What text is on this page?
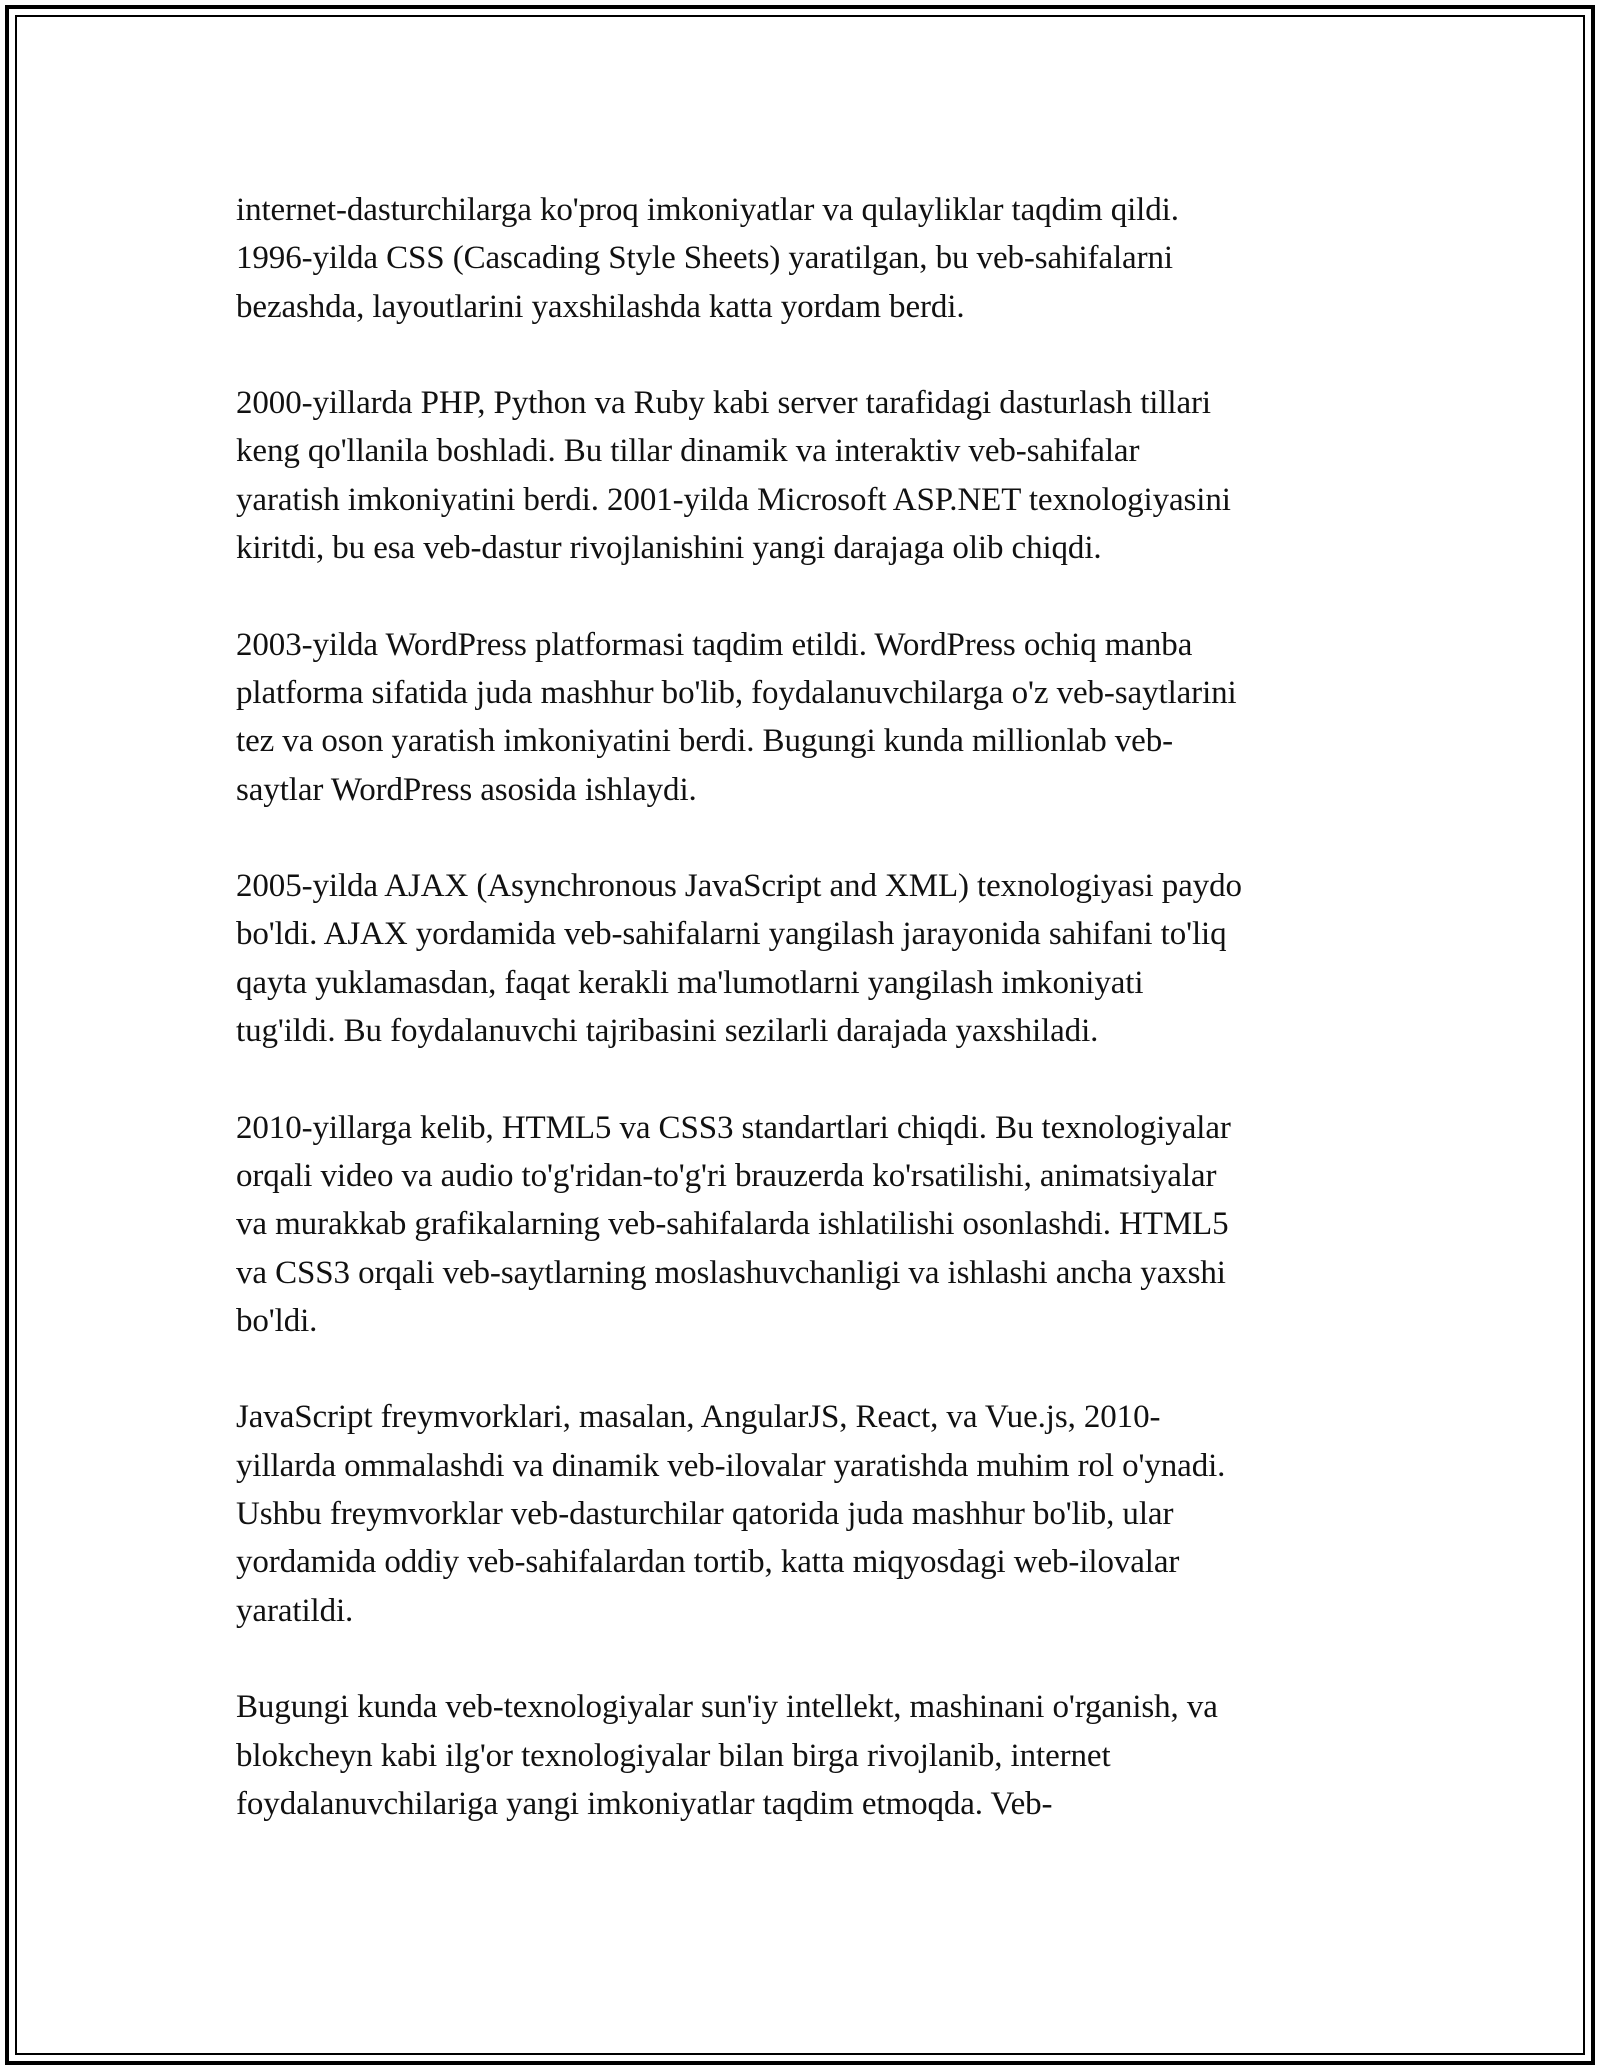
internet-dasturchilarga ko'proq imkoniyatlar va qulayliklar taqdim qildi.
1996-yilda CSS (Cascading Style Sheets) yaratilgan, bu veb-sahifalarni
bezashda, layoutlarini yaxshilashda katta yordam berdi.

2000-yillarda PHP, Python va Ruby kabi server tarafidagi dasturlash tillari
keng qo'llanila boshladi. Bu tillar dinamik va interaktiv veb-sahifalar
yaratish imkoniyatini berdi. 2001-yilda Microsoft ASP.NET texnologiyasini
kiritdi, bu esa veb-dastur rivojlanishini yangi darajaga olib chiqdi.

2003-yilda WordPress platformasi taqdim etildi. WordPress ochiq manba
platforma sifatida juda mashhur bo'lib, foydalanuvchilarga o'z veb-saytlarini
tez va oson yaratish imkoniyatini berdi. Bugungi kunda millionlab veb-
saytlar WordPress asosida ishlaydi.

2005-yilda AJAX (Asynchronous JavaScript and XML) texnologiyasi paydo
bo'ldi. AJAX yordamida veb-sahifalarni yangilash jarayonida sahifani to'liq
qayta yuklamasdan, faqat kerakli ma'lumotlarni yangilash imkoniyati
tug'ildi. Bu foydalanuvchi tajribasini sezilarli darajada yaxshiladi.

2010-yillarga kelib, HTML5 va CSS3 standartlari chiqdi. Bu texnologiyalar
orqali video va audio to'g'ridan-to'g'ri brauzerda ko'rsatilishi, animatsiyalar
va murakkab grafikalarning veb-sahifalarda ishlatilishi osonlashdi. HTML5
va CSS3 orqali veb-saytlarning moslashuvchanligi va ishlashi ancha yaxshi
bo'ldi.

JavaScript freymvorklari, masalan, AngularJS, React, va Vue.js, 2010-
yillarda ommalashdi va dinamik veb-ilovalar yaratishda muhim rol o'ynadi.
Ushbu freymvorklar veb-dasturchilar qatorida juda mashhur bo'lib, ular
yordamida oddiy veb-sahifalardan tortib, katta miqyosdagi web-ilovalar
yaratildi.

Bugungi kunda veb-texnologiyalar sun'iy intellekt, mashinani o'rganish, va
blokcheyn kabi ilg'or texnologiyalar bilan birga rivojlanib, internet
foydalanuvchilariga yangi imkoniyatlar taqdim etmoqda. Veb-
